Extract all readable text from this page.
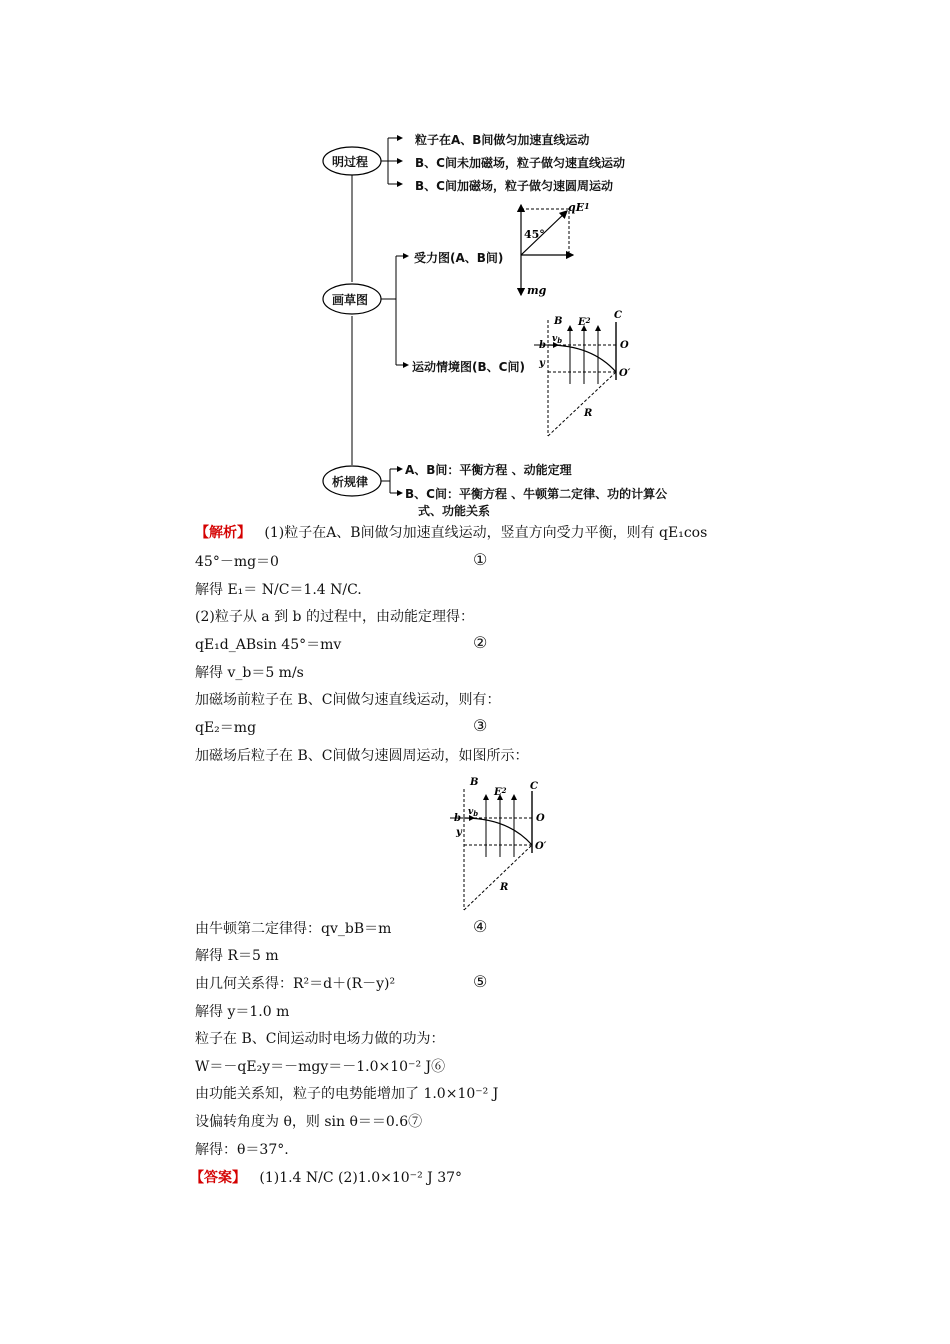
明过程
粒子在A、B间做匀加速直线运动
B、C间未加磁场，粒子做匀速直线运动
B、C间加磁场，粒子做匀速圆周运动
画草图
受力图(A、B间)
运动情境图(B、C间)
析规律
A、B间：平衡方程 、动能定理
B、C间：平衡方程 、牛顿第二定律、功的计算公
式、功能关系
qE1
45°
mg
B
C
$E^2$
$v_b$
b
y
O
O′
R
【解析】 (1)粒子在A、B间做匀加速直线运动，竖直方向受力平衡，则有 qE₁cos
45°－mg＝0
解得 E₁＝ N/C＝1.4 N/C.
(2)粒子从 a 到 b 的过程中，由动能定理得：
qE₁d_ABsin 45°＝mv
解得 v_b＝5 m/s
加磁场前粒子在 B、C间做匀速直线运动，则有：
qE₂＝mg
加磁场后粒子在 B、C间做匀速圆周运动，如图所示：
①
②
③
B	C
$E^2$
$v_b$
b
y
O
O′
R
由牛顿第二定律得：qv_bB＝m
解得 R＝5 m
由几何关系得：R²＝d＋(R－y)²
解得 y＝1.0 m
粒子在 B、C间运动时电场力做的功为：
W＝－qE₂y＝－mgy＝－1.0×10⁻² J⑥
由功能关系知，粒子的电势能增加了 1.0×10⁻² J
设偏转角度为 θ，则 sin θ＝＝0.6⑦
解得：θ＝37°.
④
⑤
【答案】 (1)1.4 N/C (2)1.0×10⁻² J 37°
